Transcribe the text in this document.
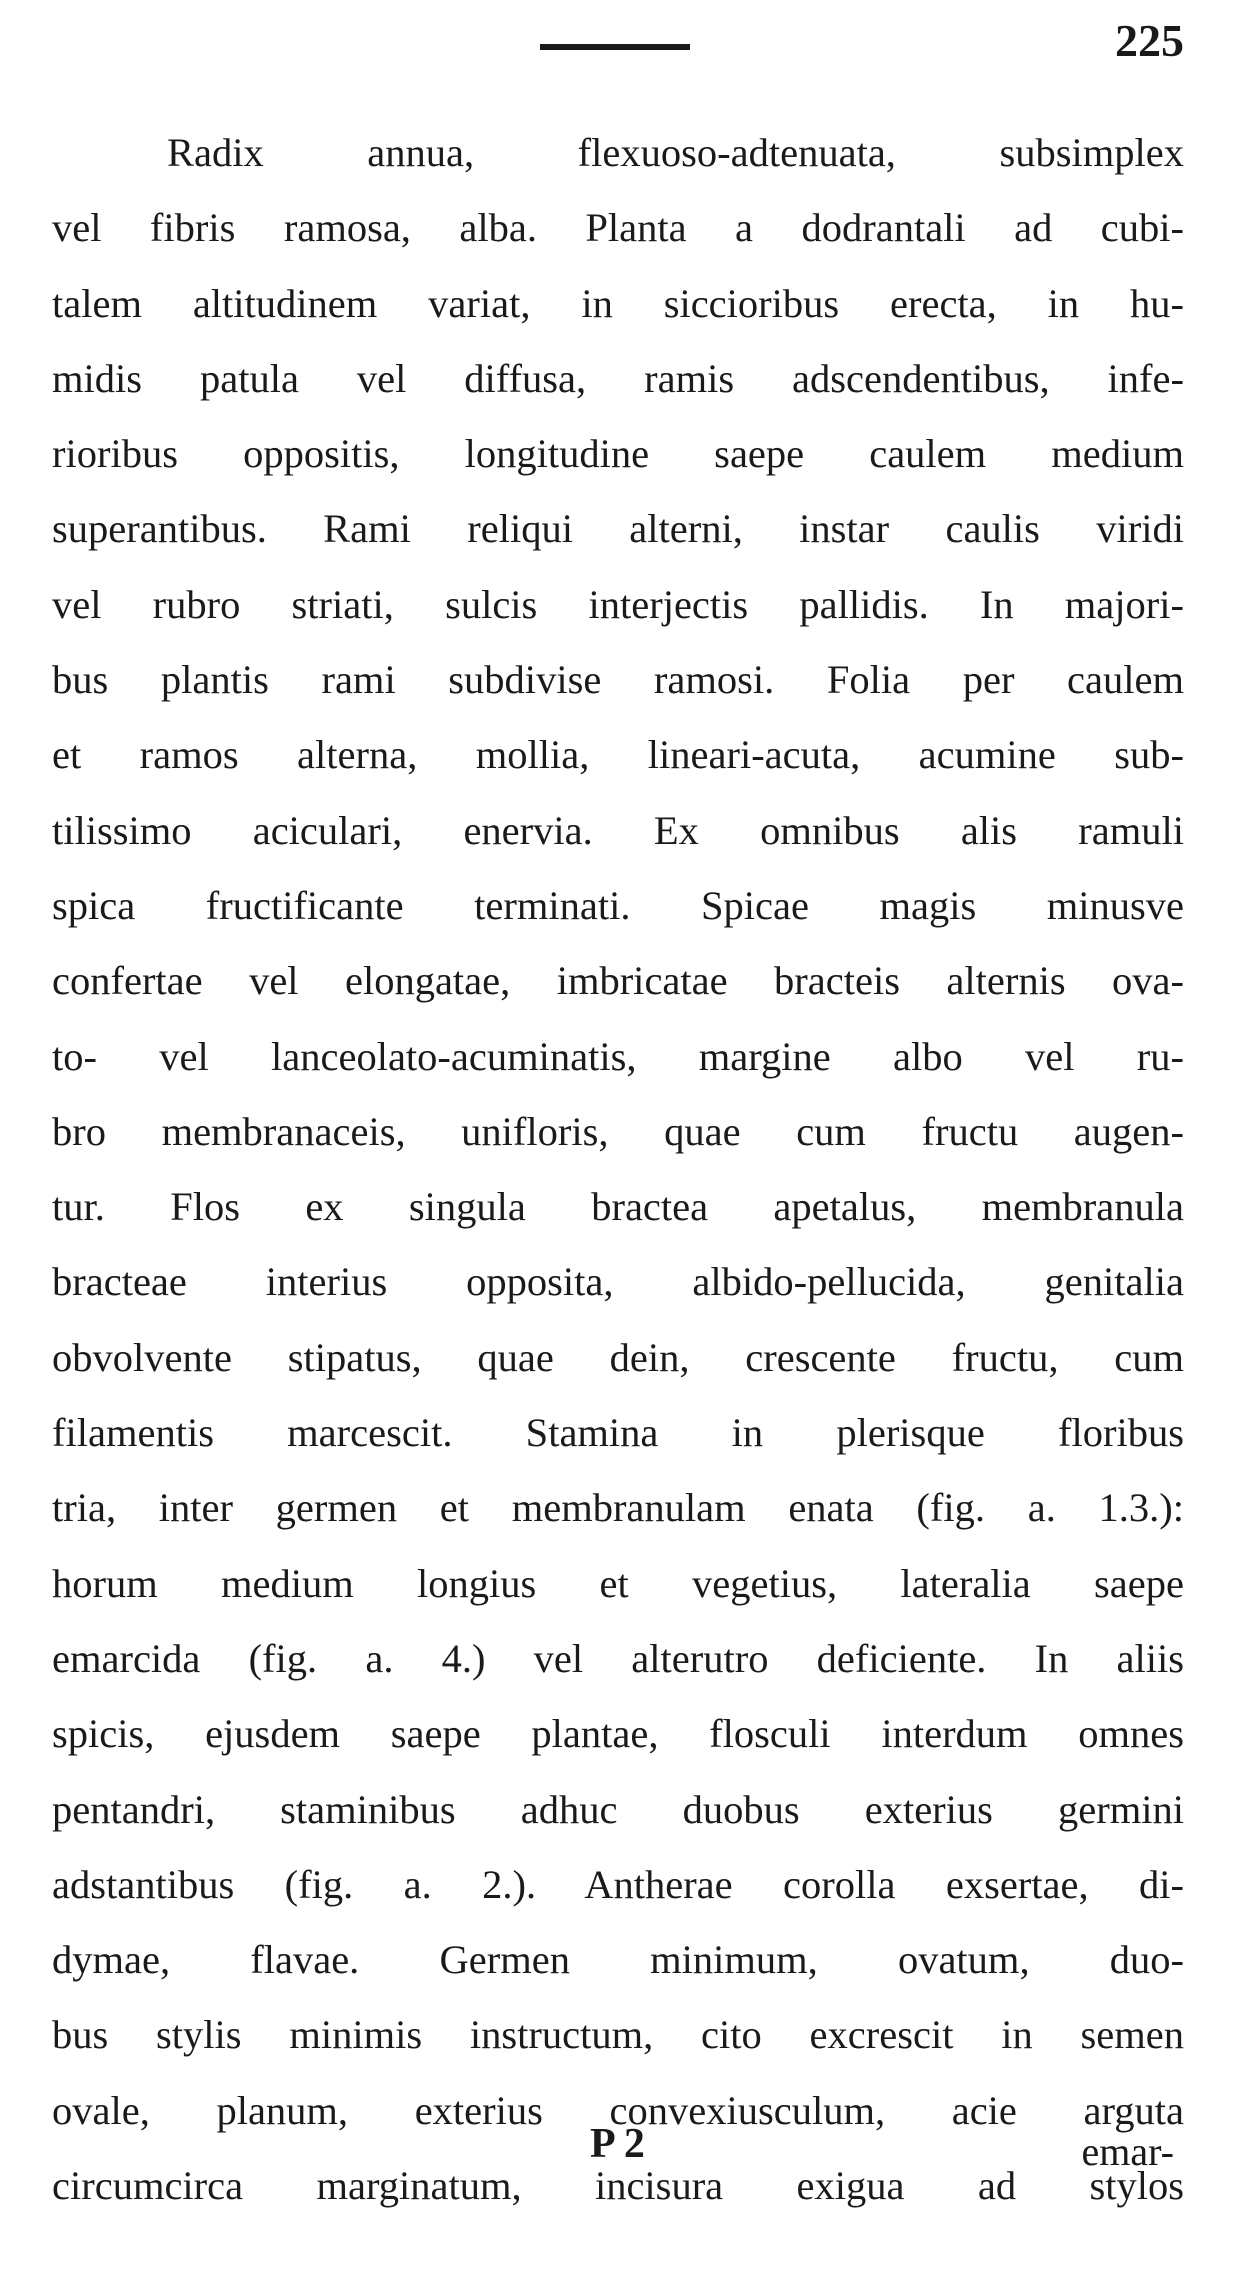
225
Radix annua, flexuoso-adtenuata, subsimplex
vel fibris ramosa, alba. Planta a dodrantali ad cubi-
talem altitudinem variat, in siccioribus erecta, in hu-
midis patula vel diffusa, ramis adscendentibus, infe-
rioribus oppositis, longitudine saepe caulem medium
superantibus. Rami reliqui alterni, instar caulis viridi
vel rubro striati, sulcis interjectis pallidis. In majori-
bus plantis rami subdivise ramosi. Folia per caulem
et ramos alterna, mollia, lineari-acuta, acumine sub-
tilissimo aciculari, enervia. Ex omnibus alis ramuli
spica fructificante terminati. Spicae magis minusve
confertae vel elongatae, imbricatae bracteis alternis ova-
to- vel lanceolato-acuminatis, margine albo vel ru-
bro membranaceis, unifloris, quae cum fructu augen-
tur. Flos ex singula bractea apetalus, membranula
bracteae interius opposita, albido-pellucida, genitalia
obvolvente stipatus, quae dein, crescente fructu, cum
filamentis marcescit. Stamina in plerisque floribus
tria, inter germen et membranulam enata (fig. a. 1.3.):
horum medium longius et vegetius, lateralia saepe
emarcida (fig. a. 4.) vel alterutro deficiente. In aliis
spicis, ejusdem saepe plantae, flosculi interdum omnes
pentandri, staminibus adhuc duobus exterius germini
adstantibus (fig. a. 2.). Antherae corolla exsertae, di-
dymae, flavae. Germen minimum, ovatum, duo-
bus stylis minimis instructum, cito excrescit in semen
ovale, planum, exterius convexiusculum, acie arguta
circumcirca marginatum, incisura exigua ad stylos
P 2	emar-
